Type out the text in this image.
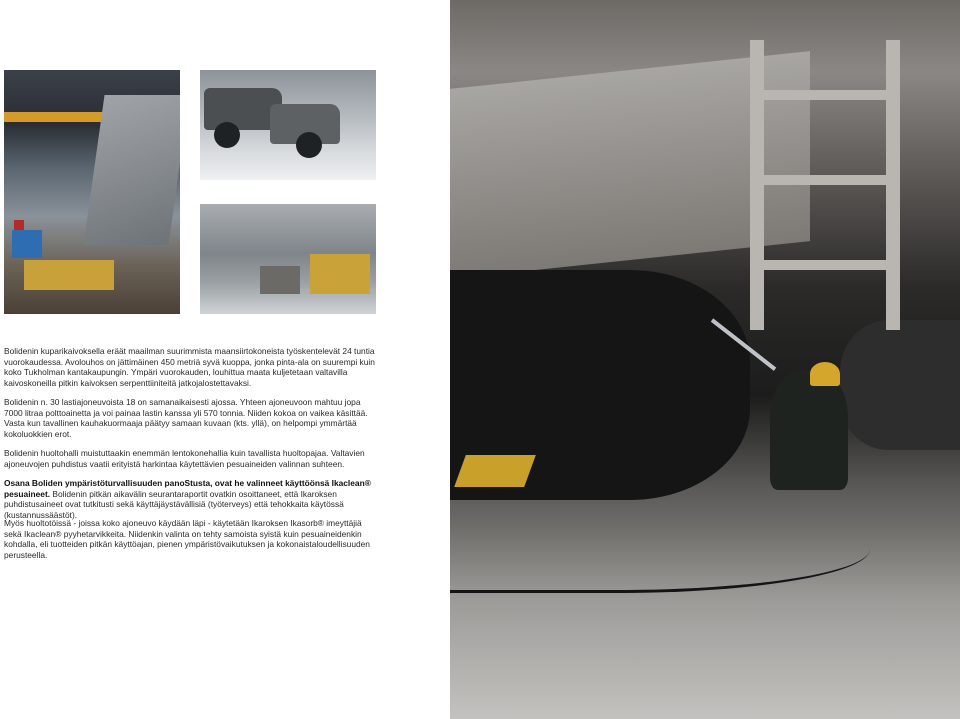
Bolidenin kuparikaivoksella eräät maailman suurimmista maansiirtokoneista työskentelevät 24 tuntia vuorokaudessa. Avolouhos on jättimäinen 450 metriä syvä kuoppa, jonka pinta-ala on suurempi kuin koko Tukholman kantakaupungin. Ympäri vuorokauden, louhittua maata kuljetetaan valtavilla kaivoskoneilla pitkin kaivoksen serpenttiiniteitä jatkojalostettavaksi.

Bolidenin n. 30 lastiajoneuvoista 18 on samanaikaisesti ajossa. Yhteen ajoneuvoon mahtuu jopa 7000 litraa polttoainetta ja voi painaa lastin kanssa yli 570 tonnia. Niiden kokoa on vaikea käsittää. Vasta kun tavallinen kauhakuormaaja päätyy samaan kuvaan (kts. yllä), on helpompi ymmärtää kokoluokkien erot.

Bolidenin huoltohalli muistuttaakin enemmän lentokonehallia kuin tavallista huoltopajaa. Valtavien ajoneuvojen puhdistus vaatii erityistä harkintaa käytettävien pesuaineiden valinnan suhteen.

Osana Boliden ympäristöturvallisuuden panoStusta, ovat he valinneet käyttöönsä Ikaclean® pesuaineet. Bolidenin pitkän aikavälin seurantaraportit ovatkin osoittaneet, että Ikaroksen puhdistusaineet ovat tutkitusti sekä käyttäjäystävällisiä (työterveys) että tehokkaita käytössä (kustannussäästöt).

Myös huoltotöissä - joissa koko ajoneuvo käydään läpi - käytetään Ikaroksen Ikasorb® imeyttäjiä sekä Ikaclean® pyyhetarvikkeita. Niidenkin valinta on tehty samoista syistä kuin pesuaineidenkin kohdalla, eli tuotteiden pitkän käyttöajan, pienen ympäristövaikutuksen ja kokonaistaloudellisuuden perusteella.
